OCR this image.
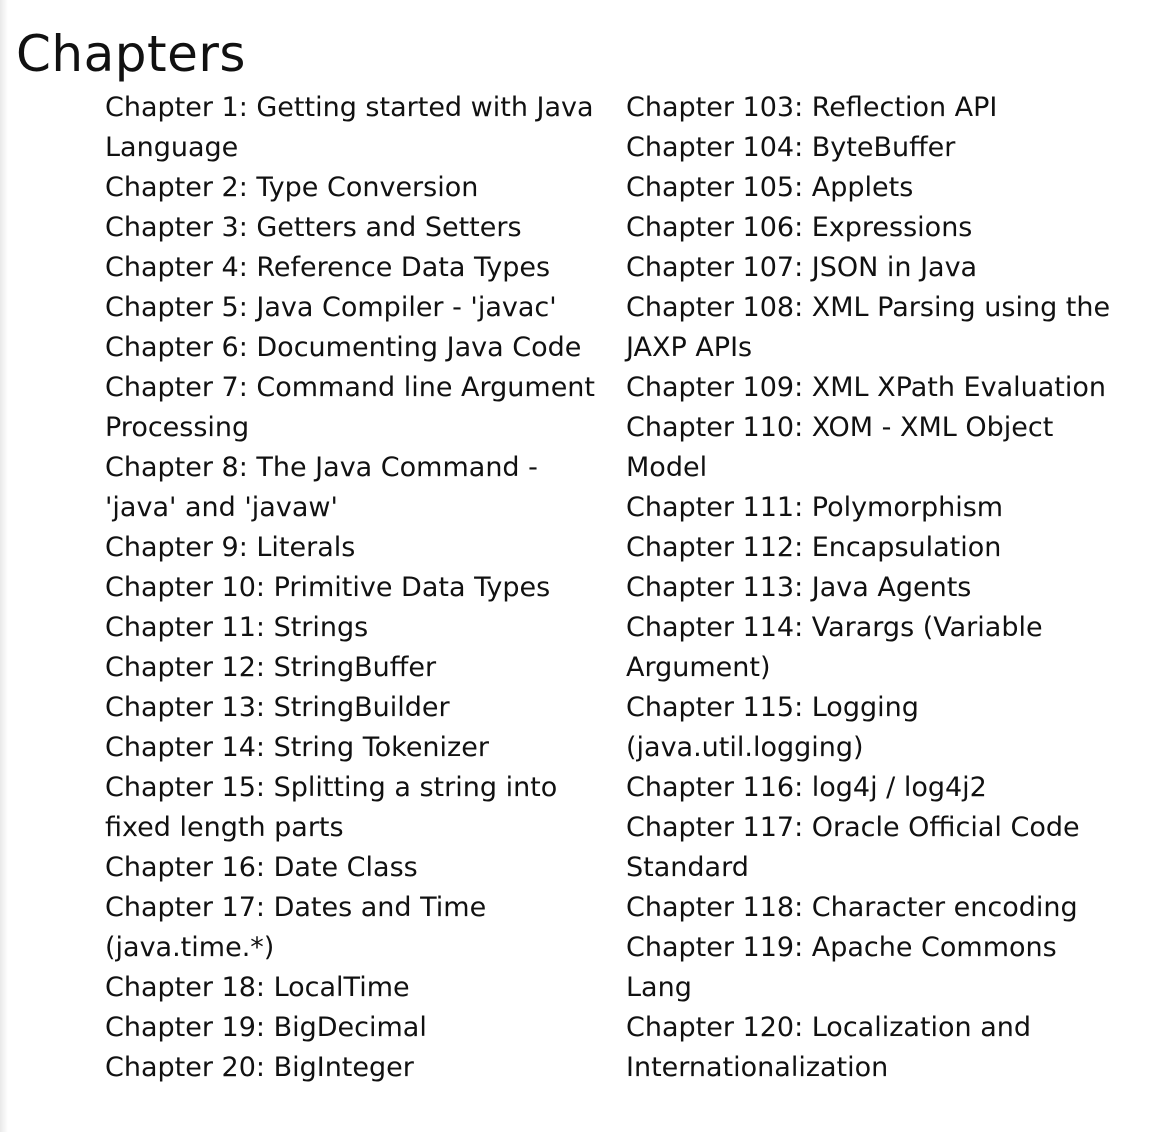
Chapters
Chapter 1: Getting started with Java Language
Chapter 2: Type Conversion
Chapter 3: Getters and Setters
Chapter 4: Reference Data Types
Chapter 5: Java Compiler - 'javac'
Chapter 6: Documenting Java Code
Chapter 7: Command line Argument Processing
Chapter 8: The Java Command - 'java' and 'javaw'
Chapter 9: Literals
Chapter 10: Primitive Data Types
Chapter 11: Strings
Chapter 12: StringBuffer
Chapter 13: StringBuilder
Chapter 14: String Tokenizer
Chapter 15: Splitting a string into fixed length parts
Chapter 16: Date Class
Chapter 17: Dates and Time (java.time.*)
Chapter 18: LocalTime
Chapter 19: BigDecimal
Chapter 20: BigInteger
Chapter 103: Reflection API
Chapter 104: ByteBuffer
Chapter 105: Applets
Chapter 106: Expressions
Chapter 107: JSON in Java
Chapter 108: XML Parsing using the JAXP APIs
Chapter 109: XML XPath Evaluation
Chapter 110: XOM - XML Object Model
Chapter 111: Polymorphism
Chapter 112: Encapsulation
Chapter 113: Java Agents
Chapter 114: Varargs (Variable Argument)
Chapter 115: Logging (java.util.logging)
Chapter 116: log4j / log4j2
Chapter 117: Oracle Official Code Standard
Chapter 118: Character encoding
Chapter 119: Apache Commons Lang
Chapter 120: Localization and Internationalization
